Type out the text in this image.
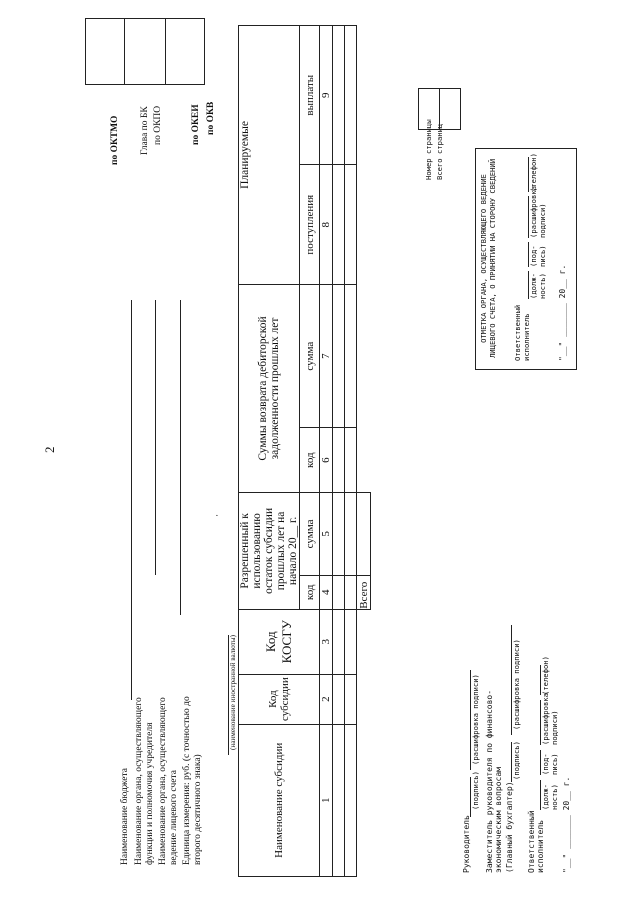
2
Наименование бюджета Наименование органа, осуществляющего функции и полномочия учредителя Наименование органа, осуществляющего ведение лицевого счета Единица измерения: руб. (с точностью до второго десятичного знака)
(наименование иностранной валюты)
·
по ОКТМО Глава по БК по ОКПО	по ОКЕИ по ОКВ

Наименование субсидии	Код субсидии	Код КОСГУ	Разрешенный к использованию остаток субсидии прошлых лет на начало 20__ г.		Суммы возврата дебиторской задолженности прошлых лет		Планируемые	
			код	сумма	код	сумма	поступления	выплаты
1	2	3	4	5	6	7	8	9

			Всего					
Номер страницы Всего страниц

Руководитель
(подпись)
(расшифровка подписи) Заместитель руководителя по финансово-экономическим вопросам (Главный бухгалтер)
(подпись)
(расшифровка подписи)
Ответственный исполнитель
(долж- ность)
(под- пись)
(расшифровка подписи)
(телефон)
"__" _______ 20__ г.
ОТМЕТКА ОРГАНА, ОСУЩЕСТВЛЯЮЩЕГО ВЕДЕНИЕ ЛИЦЕВОГО СЧЕТА, О ПРИНЯТИИ НА СТОРОНУ СВЕДЕНИЙ Ответственный исполнитель
(долж- ность)
(под- пись)
(расшифровка подписи)
(телефон)
"__" _______ 20__ г.
